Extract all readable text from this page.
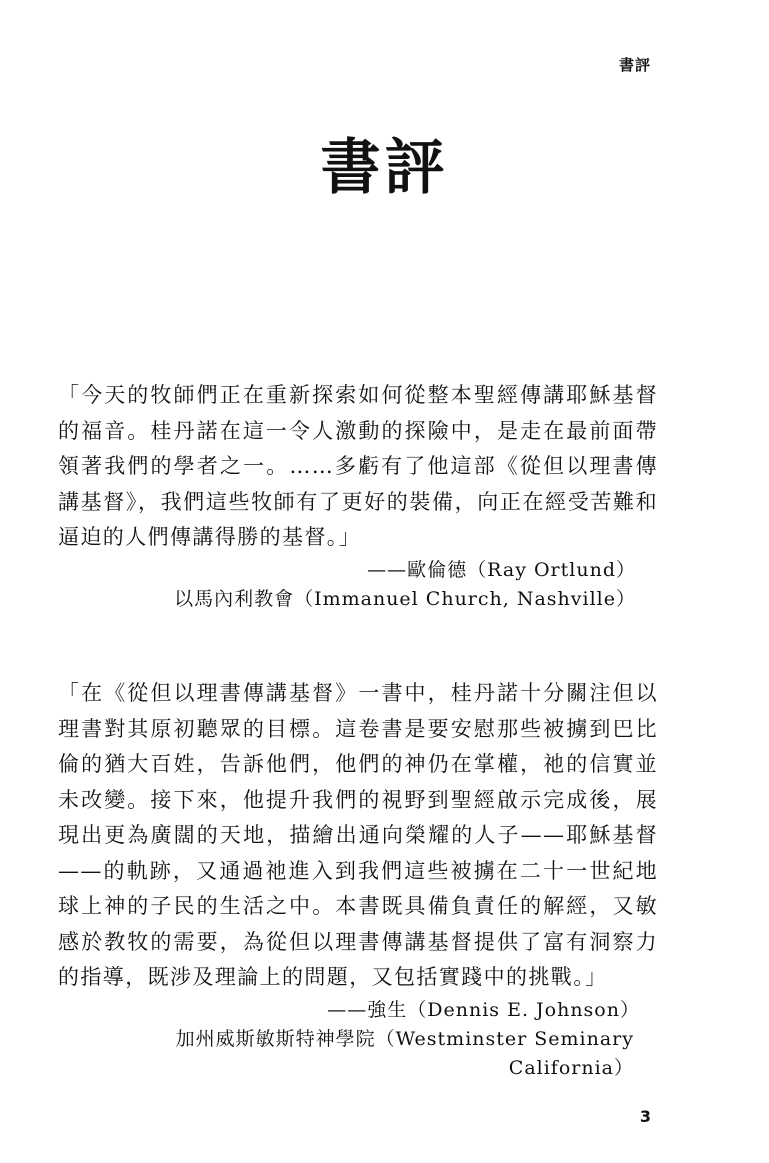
書評
書評

「今天的牧師們正在重新探索如何從整本聖經傳講耶穌基督的福音。桂丹諾在這一令人激動的探險中，是走在最前面帶領著我們的學者之一。……多虧有了他這部《從但以理書傳講基督》，我們這些牧師有了更好的裝備，向正在經受苦難和逼迫的人們傳講得勝的基督。」

——歐倫德（Ray Ortlund）

以馬內利教會（Immanuel Church, Nashville）

「在《從但以理書傳講基督》一書中，桂丹諾十分關注但以理書對其原初聽眾的目標。這卷書是要安慰那些被擄到巴比倫的猶大百姓，告訴他們，他們的神仍在掌權，祂的信實並未改變。接下來，他提升我們的視野到聖經啟示完成後，展現出更為廣闊的天地，描繪出通向榮耀的人子——耶穌基督——的軌跡，又通過祂進入到我們這些被擄在二十一世紀地球上神的子民的生活之中。本書既具備負責任的解經，又敏感於教牧的需要，為從但以理書傳講基督提供了富有洞察力的指導，既涉及理論上的問題，又包括實踐中的挑戰。」

——強生（Dennis E. Johnson）

加州威斯敏斯特神學院（Westminster Seminary California）

3
